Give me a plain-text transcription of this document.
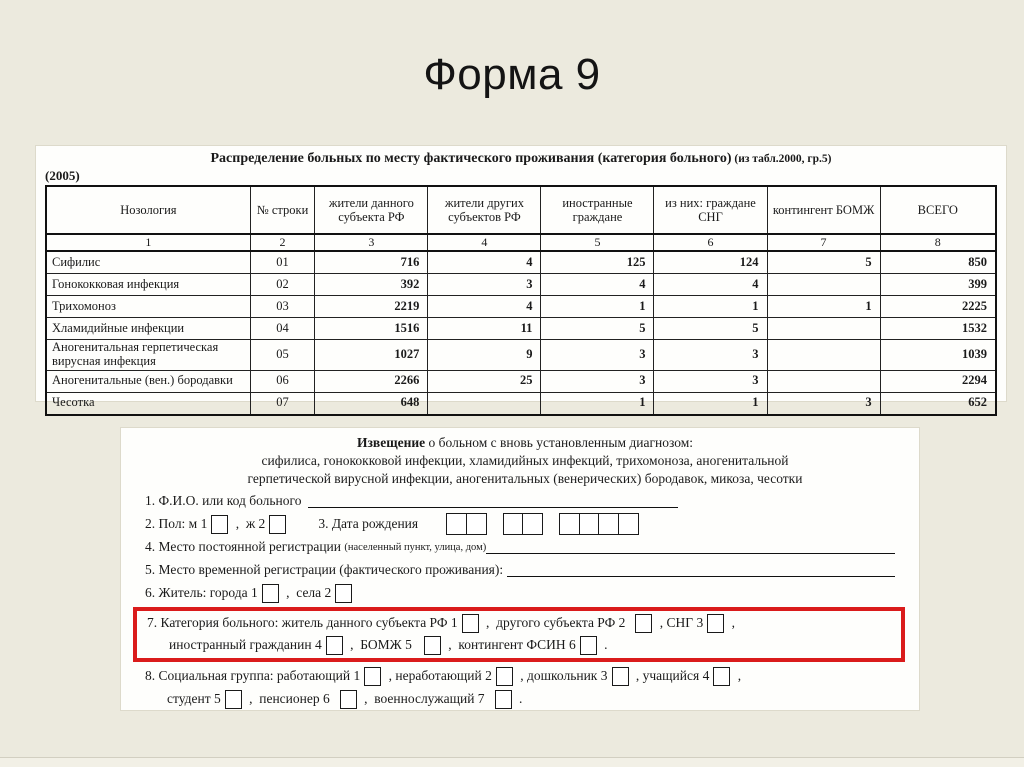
Форма 9
Распределение больных по месту фактического проживания (категория больного) (из табл.2000, гр.5)
(2005)
Нозология	№ строки	жители данного субъекта РФ	жители других субъектов РФ	иностранные граждане	из них: граждане СНГ	контингент БОМЖ	ВСЕГО
1	2	3	4	5	6	7	8
Сифилис	01	716	4	125	124	5	850
Гонококковая инфекция	02	392	3	4	4		399
Трихомоноз	03	2219	4	1	1	1	2225
Хламидийные инфекции	04	1516	11	5	5		1532
Аногенитальная герпетическая вирусная инфекция	05	1027	9	3	3		1039
Аногенитальные (вен.) бородавки	06	2266	25	3	3		2294
Чесотка	07	648		1	1	3	652
Извещение о больном с вновь установленным диагнозом:
сифилиса, гонококковой инфекции, хламидийных инфекций, трихомоноза, аногенитальной
герпетической вирусной инфекции, аногенитальных (венерических) бородавок, микоза, чесотки
1. Ф.И.О. или код больного
2. Пол: м 1 ,  ж 2	3. Дата рождения
4. Место постоянной регистрации (населенный пункт, улица, дом)
5. Место временной регистрации (фактического проживания):
6. Житель: города 1 ,  села 2
7. Категория больного: житель данного субъекта РФ 1 ,  другого субъекта РФ 2 , СНГ 3 ,
иностранный гражданин 4 ,  БОМЖ 5 ,  контингент ФСИН 6 .
8. Социальная группа: работающий 1 , неработающий 2 , дошкольник 3 , учащийся 4 ,
студент 5 ,  пенсионер 6 ,  военнослужащий 7 .
